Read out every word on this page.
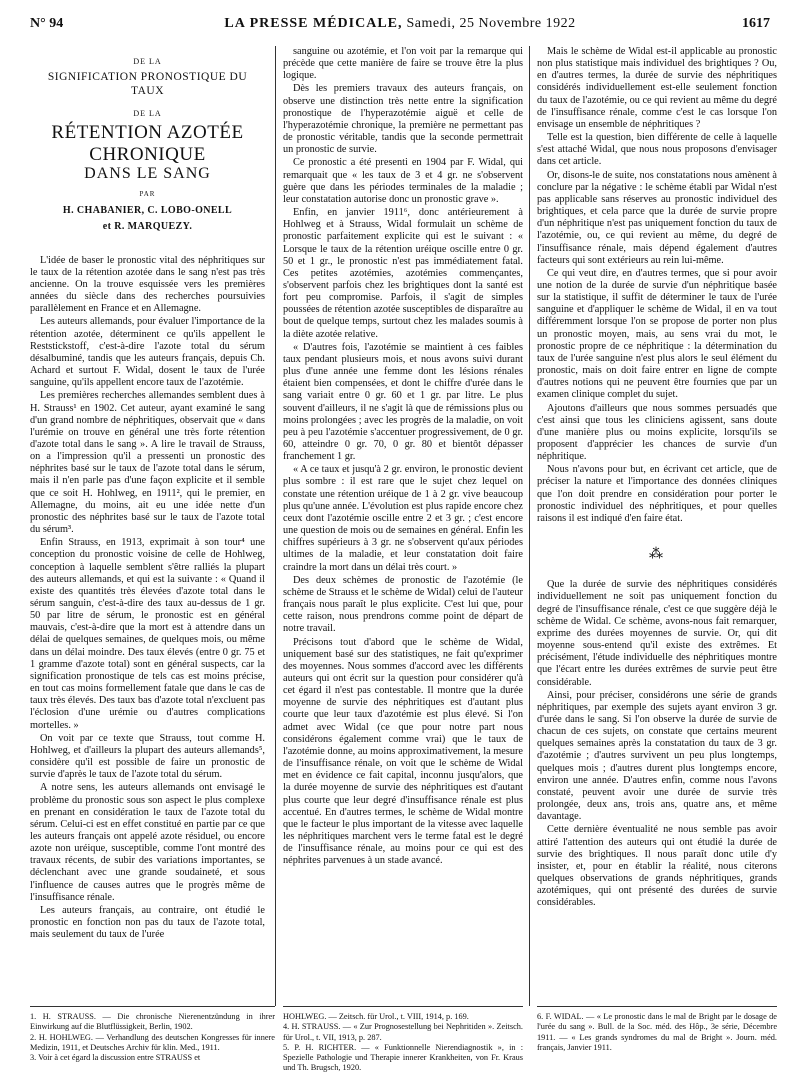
N° 94	LA PRESSE MÉDICALE, Samedi, 25 Novembre 1922	1617
DE LA
SIGNIFICATION PRONOSTIQUE DU TAUX
DE LA
RÉTENTION AZOTÉE CHRONIQUE
DANS LE SANG
PAR
H. CHABANIER, C. LOBO-ONELL
et R. MARQUEZY.

L'idée de baser le pronostic vital des néphritiques sur le taux de la rétention azotée dans le sang n'est pas très ancienne. On la trouve esquissée vers les premières années du siècle dans des recherches poursuivies parallèlement en France et en Allemagne.

Les auteurs allemands, pour évaluer l'importance de la rétention azotée, déterminent ce qu'ils appellent le Reststickstoff, c'est-à-dire l'azote total du sérum désalbuminé, tandis que les auteurs français, depuis Ch. Achard et surtout F. Widal, dosent le taux de l'urée sanguine, qu'ils appellent encore taux de l'azotémie.

Les premières recherches allemandes semblent dues à H. Strauss¹ en 1902. Cet auteur, ayant examiné le sang d'un grand nombre de néphritiques, observait que « dans l'urémie on trouve en général une très forte rétention d'azote total dans le sang ». A lire le travail de Strauss, on a l'impression qu'il a pressenti un pronostic des néphrites basé sur le taux de l'azote total dans le sérum, mais il n'en parle pas d'une façon explicite et il semble que ce soit H. Hohlweg, en 1911², qui le premier, en Allemagne, du moins, ait eu une idée nette d'un pronostic des néphrites basé sur le taux de l'azote total du sérum³.

Enfin Strauss, en 1913, exprimait à son tour⁴ une conception du pronostic voisine de celle de Hohlweg, conception à laquelle semblent s'être ralliés la plupart des auteurs allemands, et qui est la suivante : « Quand il existe des quantités très élevées d'azote total dans le sérum sanguin, c'est-à-dire des taux au-dessus de 1 gr. 50 par litre de sérum, le pronostic est en général mauvais, c'est-à-dire que la mort est à attendre dans un délai de quelques semaines, de quelques mois, ou même dans un délai moindre. Des taux élevés (entre 0 gr. 75 et 1 gramme d'azote total) sont en général suspects, car la signification pronostique de tels cas est moins précise, en tout cas moins formellement fatale que dans le cas de taux très élevés. Des taux bas d'azote total n'excluent pas l'éclosion d'une urémie ou d'autres complications mortelles. »

On voit par ce texte que Strauss, tout comme H. Hohlweg, et d'ailleurs la plupart des auteurs allemands⁵, considère qu'il est possible de faire un pronostic de survie d'après le taux de l'azote total du sérum.

A notre sens, les auteurs allemands ont envisagé le problème du pronostic sous son aspect le plus complexe en prenant en considération le taux de l'azote total du sérum. Celui-ci est en effet constitué en partie par ce que les auteurs français ont appelé azote résiduel, ou encore azote non uréique, susceptible, comme l'ont montré des travaux récents, de subir des variations importantes, se déclenchant avec une grande soudaineté, et sous l'influence de causes autres que le progrès même de l'insuffisance rénale.

Les auteurs français, au contraire, ont étudié le pronostic en fonction non pas du taux de l'azote total, mais seulement du taux de l'urée

sanguine ou azotémie, et l'on voit par la remarque qui précède que cette manière de faire se trouve être la plus logique.

Dès les premiers travaux des auteurs français, on observe une distinction très nette entre la signification pronostique de l'hyperazotémie aiguë et celle de l'hyperazotémie chronique, la première ne permettant pas de pronostic véritable, tandis que la seconde permettrait un pronostic de survie.

Ce pronostic a été presenti en 1904 par F. Widal, qui remarquait que « les taux de 3 et 4 gr. ne s'observent guère que dans les périodes terminales de la maladie ; leur constatation autorise donc un pronostic grave ».

Enfin, en janvier 1911⁶, donc antérieurement à Hohlweg et à Strauss, Widal formulait un schème de pronostic parfaitement explicite qui est le suivant : « Lorsque le taux de la rétention uréique oscille entre 0 gr. 50 et 1 gr., le pronostic n'est pas immédiatement fatal. Ces petites azotémies, azotémies commençantes, s'observent parfois chez les brightiques dont la santé est fort peu compromise. Parfois, il s'agit de simples poussées de rétention azotée susceptibles de disparaître au bout de quelque temps, surtout chez les malades soumis à la diète azotée relative.

« D'autres fois, l'azotémie se maintient à ces faibles taux pendant plusieurs mois, et nous avons suivi durant plus d'une année une femme dont les lésions rénales étaient bien compensées, et dont le chiffre d'urée dans le sang variait entre 0 gr. 60 et 1 gr. par litre. Le plus souvent d'ailleurs, il ne s'agit là que de rémissions plus ou moins prolongées ; avec les progrès de la maladie, on voit peu à peu l'azotémie s'accentuer progressivement, de 0 gr. 60, atteindre 0 gr. 70, 0 gr. 80 et bientôt dépasser franchement 1 gr.

« A ce taux et jusqu'à 2 gr. environ, le pronostic devient plus sombre : il est rare que le sujet chez lequel on constate une rétention uréique de 1 à 2 gr. vive beaucoup plus qu'une année. L'évolution est plus rapide encore chez ceux dont l'azotémie oscille entre 2 et 3 gr. ; c'est encore une question de mois ou de semaines en général. Enfin les chiffres supérieurs à 3 gr. ne s'observent qu'aux périodes ultimes de la maladie, et leur constatation doit faire craindre la mort dans un délai très court. »

Des deux schèmes de pronostic de l'azotémie (le schème de Strauss et le schème de Widal) celui de l'auteur français nous paraît le plus explicite. C'est lui que, pour cette raison, nous prendrons comme point de départ de notre travail.

Précisons tout d'abord que le schème de Widal, uniquement basé sur des statistiques, ne fait qu'exprimer des moyennes. Nous sommes d'accord avec les différents auteurs qui ont écrit sur la question pour considérer qu'à cet égard il n'est pas contestable. Il montre que la durée moyenne de survie des néphritiques est d'autant plus courte que leur taux d'azotémie est plus élevé. Si l'on admet avec Widal (ce que pour notre part nous considérons également comme vrai) que le taux de l'azotémie donne, au moins approximativement, la mesure de l'insuffisance rénale, on voit que le schème de Widal met en évidence ce fait capital, inconnu jusqu'alors, que la durée moyenne de survie des néphritiques est d'autant plus courte que leur degré d'insuffisance rénale est plus accentué. En d'autres termes, le schème de Widal montre que le facteur le plus important de la vitesse avec laquelle les néphritiques marchent vers le terme fatal est le degré de l'insuffisance rénale, au moins pour ce qui est des néphrites parvenues à un stade avancé.

Mais le schème de Widal est-il applicable au pronostic non plus statistique mais individuel des brightiques ? Ou, en d'autres termes, la durée de survie des néphritiques considérés individuellement est-elle seulement fonction du taux de l'azotémie, ou ce qui revient au même du degré de l'insuffisance rénale, comme c'est le cas lorsque l'on envisage un ensemble de néphritiques ?

Telle est la question, bien différente de celle à laquelle s'est attaché Widal, que nous nous proposons d'envisager dans cet article.

Or, disons-le de suite, nos constatations nous amènent à conclure par la négative : le schème établi par Widal n'est pas applicable sans réserves au pronostic individuel des brightiques, et cela parce que la durée de survie propre d'un néphritique n'est pas uniquement fonction du taux de l'azotémie, ou, ce qui revient au même, du degré de l'insuffisance rénale, mais dépend également d'autres facteurs qui sont extérieurs au rein lui-même.

Ce qui veut dire, en d'autres termes, que si pour avoir une notion de la durée de survie d'un néphritique basée sur la statistique, il suffit de déterminer le taux de l'urée sanguine et d'appliquer le schème de Widal, il en va tout différemment lorsque l'on se propose de porter non plus un pronostic moyen, mais, au sens vrai du mot, le pronostic propre de ce néphritique : la détermination du taux de l'urée sanguine n'est plus alors le seul élément du pronostic, mais on doit faire entrer en ligne de compte d'autres notions qui ne peuvent être fournies que par un examen clinique complet du sujet.

Ajoutons d'ailleurs que nous sommes persuadés que c'est ainsi que tous les cliniciens agissent, sans doute d'une manière plus ou moins explicite, lorsqu'ils se proposent d'apprécier les chances de survie d'un néphritique.

Nous n'avons pour but, en écrivant cet article, que de préciser la nature et l'importance des données cliniques que l'on doit prendre en considération pour porter le pronostic individuel des néphritiques, et pour quelles raisons il est indiqué d'en faire état.

⁂

Que la durée de survie des néphritiques considérés individuellement ne soit pas uniquement fonction du degré de l'insuffisance rénale, c'est ce que suggère déjà le schème de Widal. Ce schème, avons-nous fait remarquer, exprime des durées moyennes de survie. Or, qui dit moyenne sous-entend qu'il existe des extrêmes. Et précisément, l'étude individuelle des néphritiques montre que l'écart entre les durées extrêmes de survie peut être considérable.

Ainsi, pour préciser, considérons une série de grands néphritiques, par exemple des sujets ayant environ 3 gr. d'urée dans le sang. Si l'on observe la durée de survie de chacun de ces sujets, on constate que certains meurent quelques semaines après la constatation du taux de 3 gr. d'azotémie ; d'autres survivent un peu plus longtemps, quelques mois ; d'autres durent plus longtemps encore, environ une année. D'autres enfin, comme nous l'avons constaté, peuvent avoir une durée de survie très prolongée, deux ans, trois ans, quatre ans, et même davantage.

Cette dernière éventualité ne nous semble pas avoir attiré l'attention des auteurs qui ont étudié la durée de survie des brightiques. Il nous paraît donc utile d'y insister, et, pour en établir la réalité, nous citerons quelques observations de grands néphritiques, grands azotémiques, qui ont présenté des durées de survie considérables.

1. H. STRAUSS. — Die chronische Nierenentzündung in ihrer Einwirkung auf die Blutflüssigkeit, Berlin, 1902.

2. H. HOHLWEG. — Verhandlung des deutschen Kongresses für innere Medizin, 1911, et Deutsches Archiv für klin. Med., 1911.

3. Voir à cet égard la discussion entre STRAUSS et

HOHLWEG. — Zeitsch. für Urol., t. VIII, 1914, p. 169.

4. H. STRAUSS. — « Zur Prognosestellung bei Nephritiden ». Zeitsch. für Urol., t. VII, 1913, p. 287.

5. P. H. RICHTER. — « Funktionnelle Nierendiagnostik », in : Spezielle Pathologie und Therapie innerer Krankheiten, von Fr. Kraus und Th. Brugsch, 1920.

6. F. WIDAL. — « Le pronostic dans le mal de Bright par le dosage de l'urée du sang ». Bull. de la Soc. méd. des Hôp., 3e série, Décembre 1911. — « Les grands syndromes du mal de Bright ». Journ. méd. français, Janvier 1911.
